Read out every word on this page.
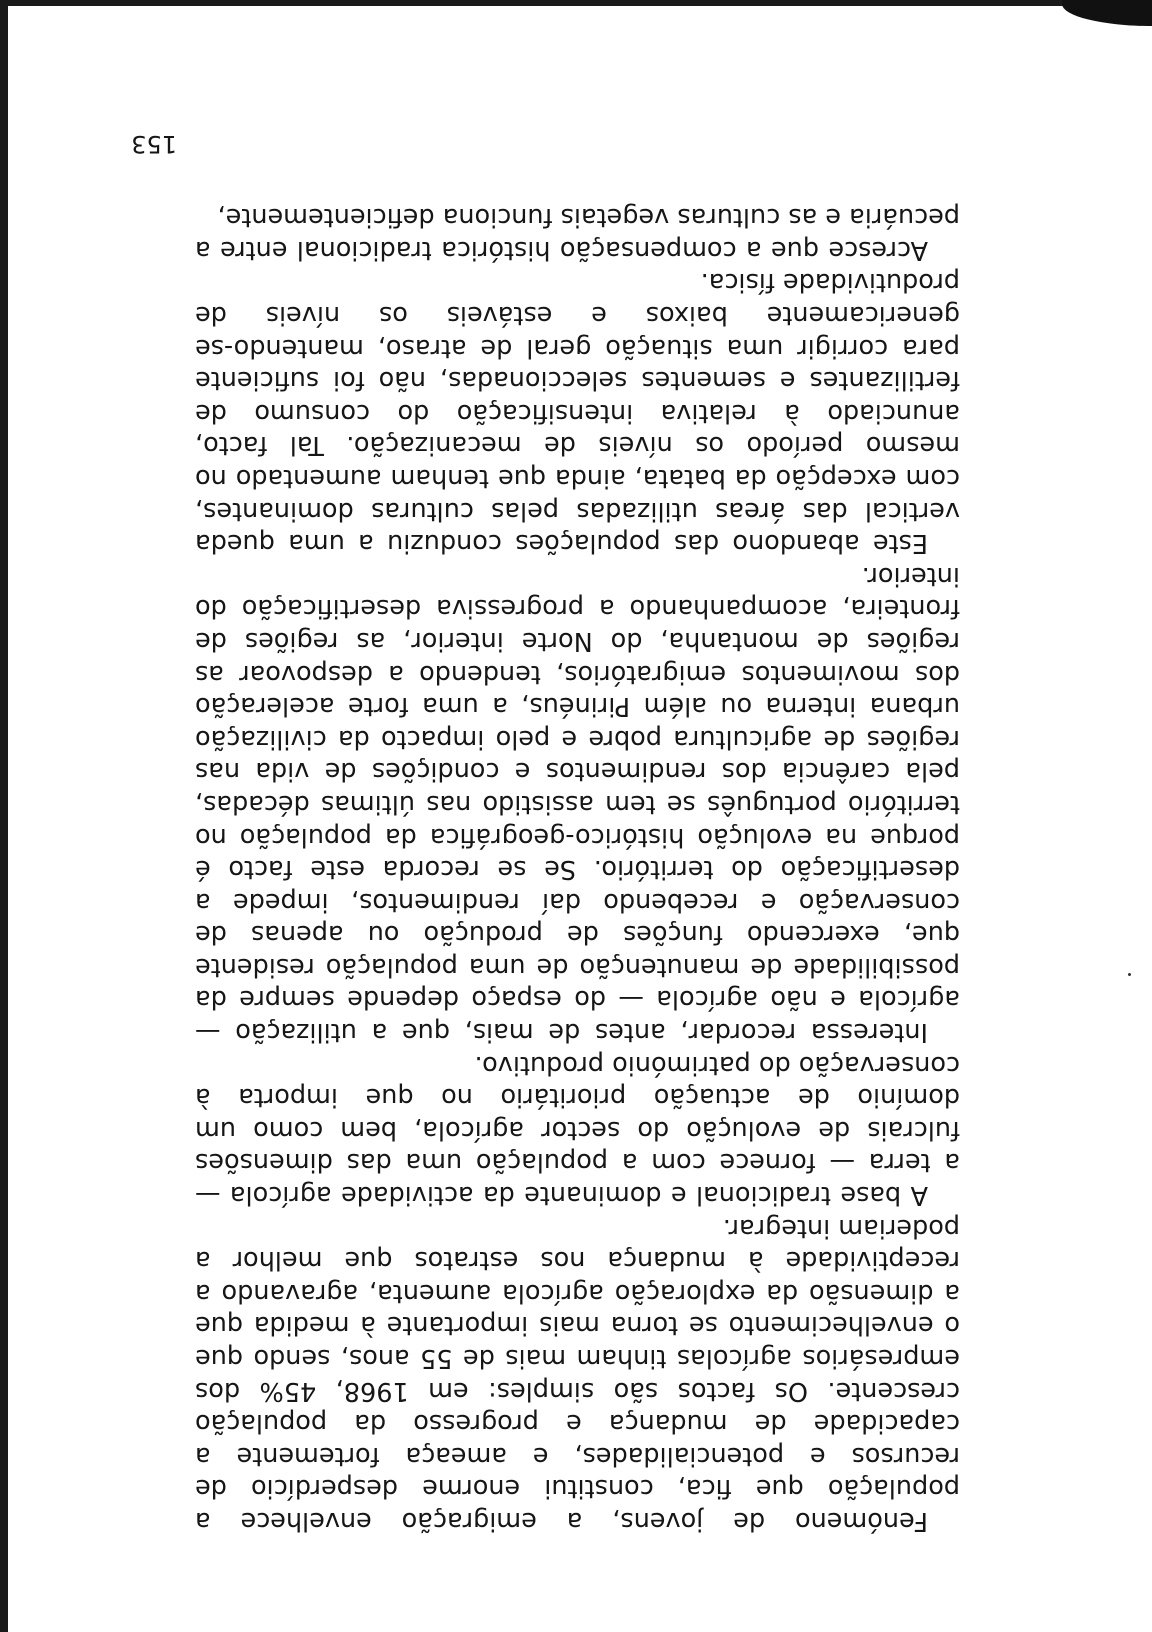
Fenómeno de jovens, a emigração envelhece a população que fica, constitui enorme desperdício de recursos e potencialidades, e ameaça fortemente a capacidade de mudança e progresso da população crescente. Os factos são simples: em 1968, 45% dos empresários agrícolas tinham mais de 55 anos, sendo que o envelhecimento se torna mais importante à medida que a dimensão da exploração agrícola aumenta, agravando a receptividade à mudança nos estratos que melhor a poderiam integrar.

A base tradicional e dominante da actividade agrícola — a terra — fornece com a população uma das dimensões fulcrais de evolução do sector agrícola, bem como um domínio de actuação prioritário no que importa à conservação do património produtivo.

Interessa recordar, antes de mais, que a utilização — agrícola e não agrícola — do espaço depende sempre da possibilidade de manutenção de uma população residente que, exercendo funções de produção ou apenas de conservação e recebendo daí rendimentos, impede a desertificação do território. Se se recorda este facto é porque na evolução histórico-geográfica da população no território português se tem assistido nas últimas décadas, pela carência dos rendimentos e condições de vida nas regiões de agricultura pobre e pelo impacto da civilização urbana interna ou além Pirinéus, a uma forte aceleração dos movimentos emigratórios, tendendo a despovoar as regiões de montanha, do Norte interior, as regiões de fronteira, acompanhando a progressiva desertificação do interior.

Este abandono das populações conduziu a uma queda vertical das áreas utilizadas pelas culturas dominantes, com excepção da batata, ainda que tenham aumentado no mesmo período os níveis de mecanização. Tal facto, anunciado à relativa intensificação do consumo de fertilizantes e sementes seleccionadas, não foi suficiente para corrigir uma situação geral de atraso, mantendo-se genericamente baixos e estáveis os níveis de produtividade física.

Acresce que a compensação histórica tradicional entre a pecuária e as culturas vegetais funciona deficientemente,

153
